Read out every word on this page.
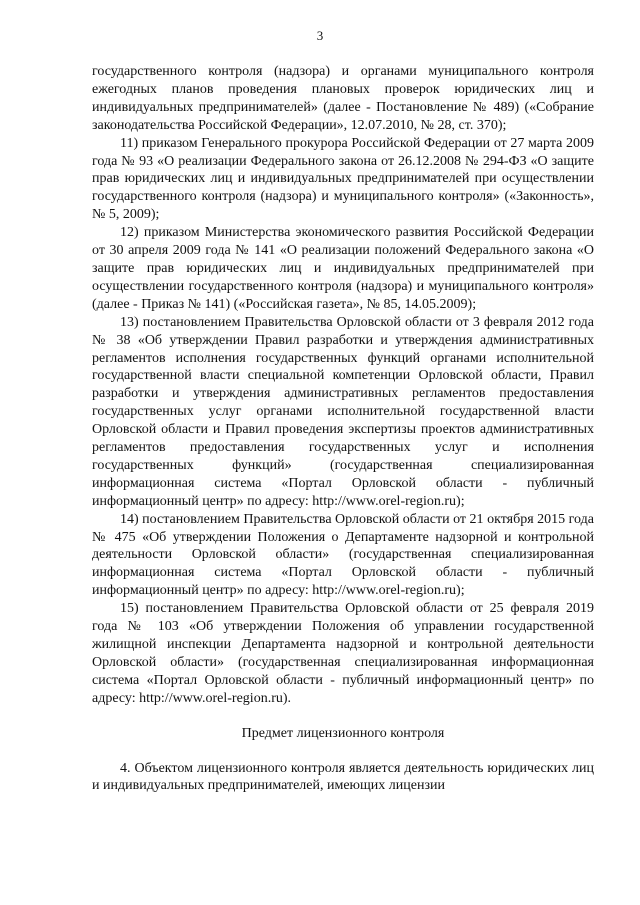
3

государственного контроля (надзора) и органами муниципального контроля ежегодных планов проведения плановых проверок юридических лиц и индивидуальных предпринимателей» (далее - Постановление № 489) («Собрание законодательства Российской Федерации», 12.07.2010, № 28, ст. 370);

11) приказом Генерального прокурора Российской Федерации от 27 марта 2009 года № 93 «О реализации Федерального закона от 26.12.2008 № 294-ФЗ «О защите прав юридических лиц и индивидуальных предпринимателей при осуществлении государственного контроля (надзора) и муниципального контроля» («Законность», № 5, 2009);

12) приказом Министерства экономического развития Российской Федерации от 30 апреля 2009 года № 141 «О реализации положений Федерального закона «О защите прав юридических лиц и индивидуальных предпринимателей при осуществлении государственного контроля (надзора) и муниципального контроля» (далее - Приказ № 141) («Российская газета», № 85, 14.05.2009);

13) постановлением Правительства Орловской области от 3 февраля 2012 года № 38 «Об утверждении Правил разработки и утверждения административных регламентов исполнения государственных функций органами исполнительной государственной власти специальной компетенции Орловской области, Правил разработки и утверждения административных регламентов предоставления государственных услуг органами исполнительной государственной власти Орловской области и Правил проведения экспертизы проектов административных регламентов предоставления государственных услуг и исполнения государственных функций» (государственная специализированная информационная система «Портал Орловской области - публичный информационный центр» по адресу: http://www.orel-region.ru);

14) постановлением Правительства Орловской области от 21 октября 2015 года № 475 «Об утверждении Положения о Департаменте надзорной и контрольной деятельности Орловской области» (государственная специализированная информационная система «Портал Орловской области - публичный информационный центр» по адресу: http://www.orel-region.ru);

15) постановлением Правительства Орловской области от 25 февраля 2019 года № 103 «Об утверждении Положения об управлении государственной жилищной инспекции Департамента надзорной и контрольной деятельности Орловской области» (государственная специализированная информационная система «Портал Орловской области - публичный информационный центр» по адресу: http://www.orel-region.ru).

Предмет лицензионного контроля

4. Объектом лицензионного контроля является деятельность юридических лиц и индивидуальных предпринимателей, имеющих лицензии
